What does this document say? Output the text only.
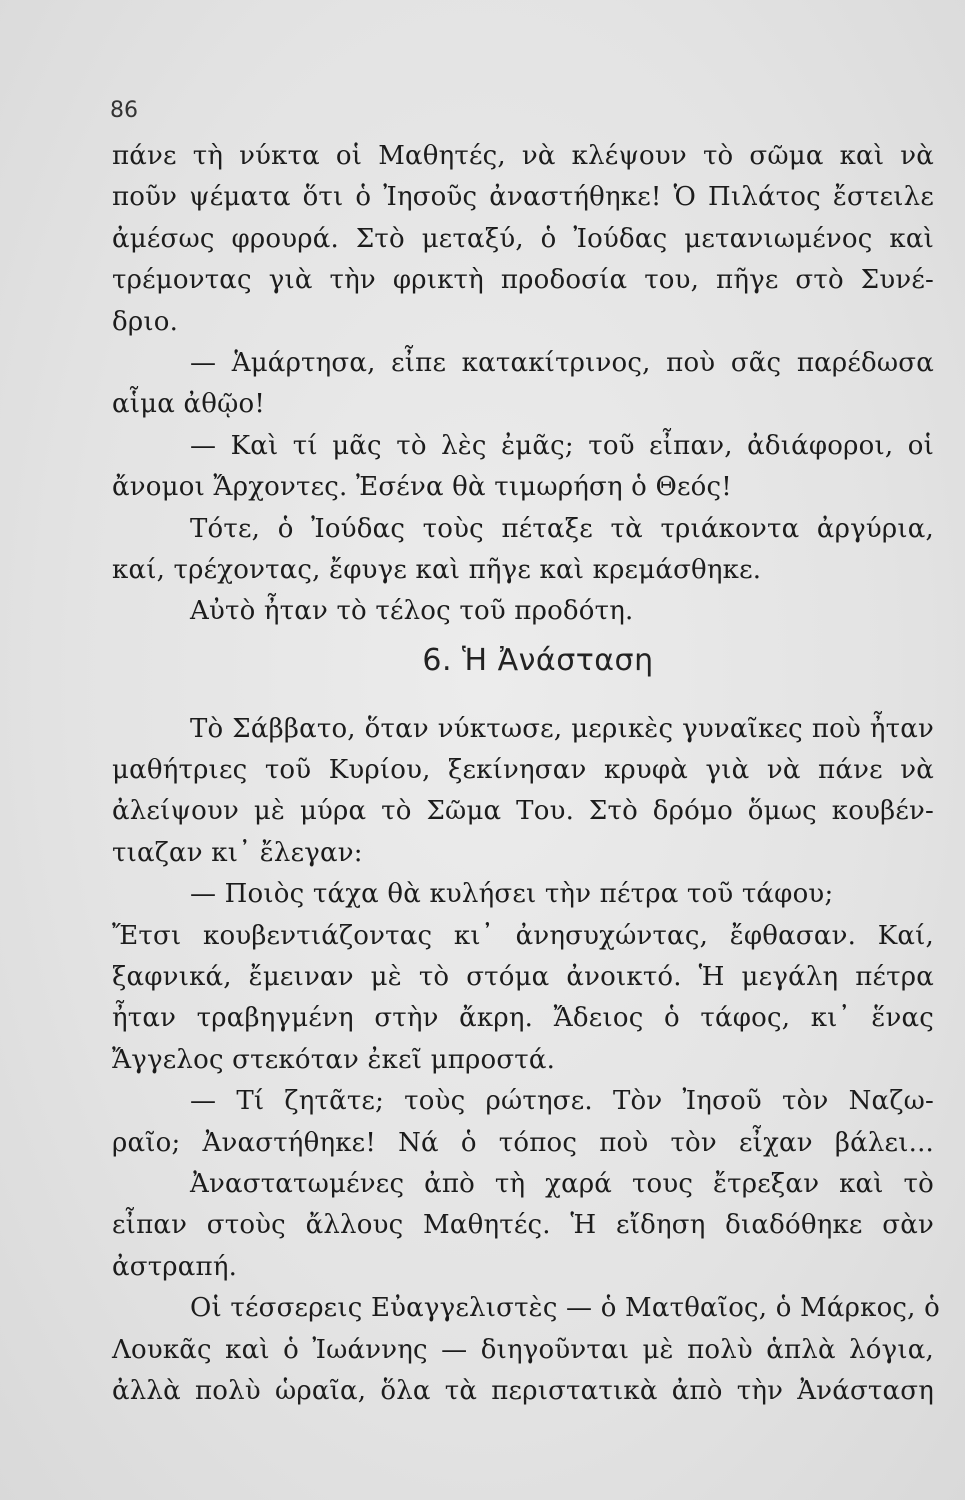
86
πάνε τὴ νύκτα οἱ Μαθητές, νὰ κλέψουν τὸ σῶμα καὶ νὰ
ποῦν ψέματα ὅτι ὁ Ἰησοῦς ἀναστήθηκε! Ὁ Πιλάτος ἔστειλε
ἀμέσως φρουρά. Στὸ μεταξύ, ὁ Ἰούδας μετανιωμένος καὶ
τρέμοντας γιὰ τὴν φρικτὴ προδοσία του, πῆγε στὸ Συνέ-
δριο.
— Ἁμάρτησα, εἶπε κατακίτρινος, ποὺ σᾶς παρέδωσα
αἷμα ἀθῷο!
— Καὶ τί μᾶς τὸ λὲς ἐμᾶς; τοῦ εἶπαν, ἀδιάφοροι, οἱ
ἄνομοι Ἄρχοντες. Ἐσένα θὰ τιμωρήση ὁ Θεός!
Τότε, ὁ Ἰούδας τοὺς πέταξε τὰ τριάκοντα ἀργύρια,
καί, τρέχοντας, ἔφυγε καὶ πῆγε καὶ κρεμάσθηκε.
Αὐτὸ ἦταν τὸ τέλος τοῦ προδότη.
6. Ἡ Ἀνάσταση
Τὸ Σάββατο, ὅταν νύκτωσε, μερικὲς γυναῖκες ποὺ ἦταν
μαθήτριες τοῦ Κυρίου, ξεκίνησαν κρυφὰ γιὰ νὰ πάνε νὰ
ἀλείψουν μὲ μύρα τὸ Σῶμα Του. Στὸ δρόμο ὅμως κουβέν-
τιαζαν κι᾽ ἔλεγαν:
— Ποιὸς τάχα θὰ κυλήσει τὴν πέτρα τοῦ τάφου;
Ἔτσι κουβεντιάζοντας κι᾽ ἀνησυχώντας, ἔφθασαν. Καί,
ξαφνικά, ἔμειναν μὲ τὸ στόμα ἀνοικτό. Ἡ μεγάλη πέτρα
ἦταν τραβηγμένη στὴν ἄκρη. Ἄδειος ὁ τάφος, κι᾽ ἕνας
Ἄγγελος στεκόταν ἐκεῖ μπροστά.
— Τί ζητᾶτε; τοὺς ρώτησε. Τὸν Ἰησοῦ τὸν Ναζω-
ραῖο; Ἀναστήθηκε! Νά ὁ τόπος ποὺ τὸν εἶχαν βάλει...
Ἀναστατωμένες ἀπὸ τὴ χαρά τους ἔτρεξαν καὶ τὸ
εἶπαν στοὺς ἄλλους Μαθητές. Ἡ εἴδηση διαδόθηκε σὰν
ἀστραπή.
Οἱ τέσσερεις Εὐαγγελιστὲς — ὁ Ματθαῖος, ὁ Μάρκος, ὁ
Λουκᾶς καὶ ὁ Ἰωάννης — διηγοῦνται μὲ πολὺ ἁπλὰ λόγια,
ἀλλὰ πολὺ ὡραῖα, ὅλα τὰ περιστατικὰ ἀπὸ τὴν Ἀνάσταση
